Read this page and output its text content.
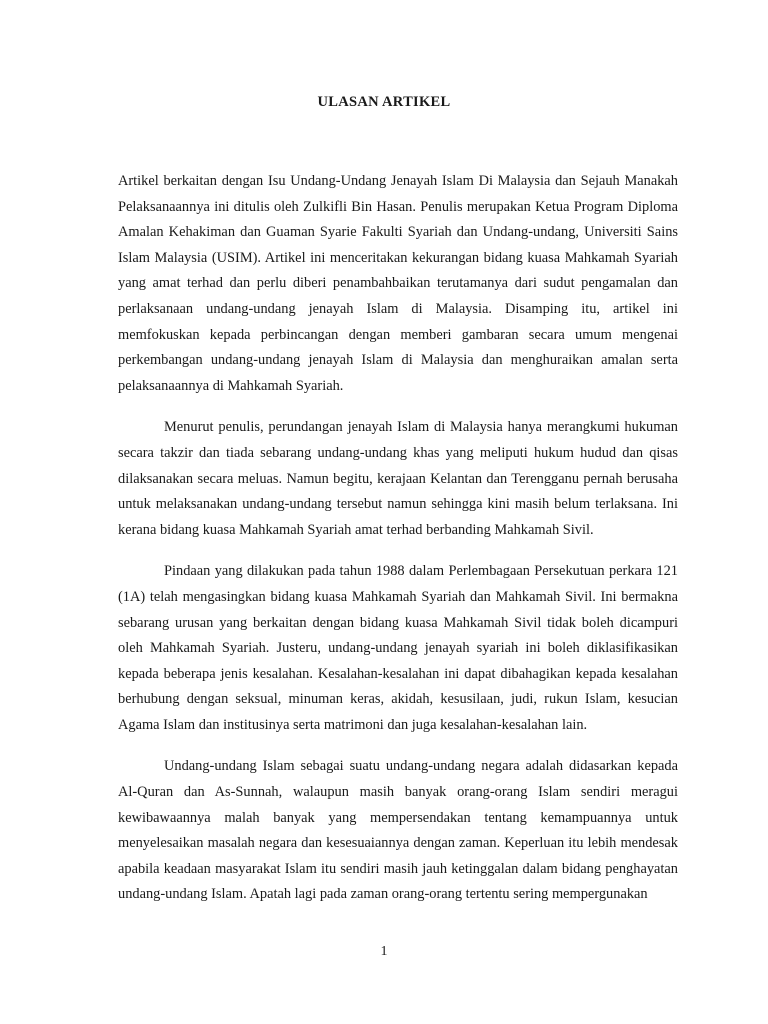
ULASAN ARTIKEL

Artikel berkaitan dengan Isu Undang-Undang Jenayah Islam Di Malaysia dan Sejauh Manakah Pelaksanaannya ini ditulis oleh Zulkifli Bin Hasan. Penulis merupakan Ketua Program Diploma Amalan Kehakiman dan Guaman Syarie Fakulti Syariah dan Undang-undang, Universiti Sains Islam Malaysia (USIM). Artikel ini menceritakan kekurangan bidang kuasa Mahkamah Syariah yang amat terhad dan perlu diberi penambahbaikan terutamanya dari sudut pengamalan dan perlaksanaan undang-undang jenayah Islam di Malaysia. Disamping itu, artikel ini memfokuskan kepada perbincangan dengan memberi gambaran secara umum mengenai perkembangan undang-undang jenayah Islam di Malaysia dan menghuraikan amalan serta pelaksanaannya di Mahkamah Syariah.

Menurut penulis, perundangan jenayah Islam di Malaysia hanya merangkumi hukuman secara takzir dan tiada sebarang undang-undang khas yang meliputi hukum hudud dan qisas dilaksanakan secara meluas. Namun begitu, kerajaan Kelantan dan Terengganu pernah berusaha untuk melaksanakan undang-undang tersebut namun sehingga kini masih belum terlaksana. Ini kerana bidang kuasa Mahkamah Syariah amat terhad berbanding Mahkamah Sivil.

Pindaan yang dilakukan pada tahun 1988 dalam Perlembagaan Persekutuan perkara 121 (1A) telah mengasingkan bidang kuasa Mahkamah Syariah dan Mahkamah Sivil. Ini bermakna sebarang urusan yang berkaitan dengan bidang kuasa Mahkamah Sivil tidak boleh dicampuri oleh Mahkamah Syariah. Justeru, undang-undang jenayah syariah ini boleh diklasifikasikan kepada beberapa jenis kesalahan. Kesalahan-kesalahan ini dapat dibahagikan kepada kesalahan berhubung dengan seksual, minuman keras, akidah, kesusilaan, judi, rukun Islam, kesucian Agama Islam dan institusinya serta matrimoni dan juga kesalahan-kesalahan lain.

Undang-undang Islam sebagai suatu undang-undang negara adalah didasarkan kepada Al-Quran dan As-Sunnah, walaupun masih banyak orang-orang Islam sendiri meragui kewibawaannya malah banyak yang mempersendakan tentang kemampuannya untuk menyelesaikan masalah negara dan kesesuaiannya dengan zaman. Keperluan itu lebih mendesak apabila keadaan masyarakat Islam itu sendiri masih jauh ketinggalan dalam bidang penghayatan undang-undang Islam. Apatah lagi pada zaman orang-orang tertentu sering mempergunakan

1
